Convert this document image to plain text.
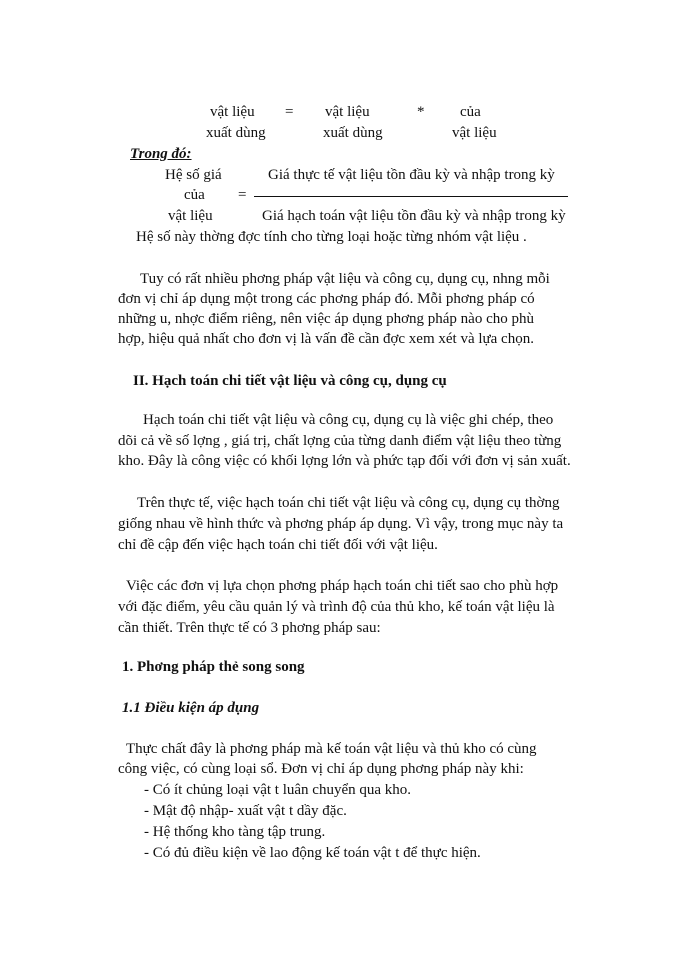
vật liệu = vật liệu	* của
xuất dùng	xuất dùng	vật liệu
Trong đó:
Hệ số giá	Giá thực tế vật liệu tồn đầu kỳ và nhập trong kỳ
của =
vật liệu	Giá hạch toán vật liệu tồn đầu kỳ và nhập trong kỳ
Hệ số này thờng đợc tính cho từng loại hoặc từng nhóm vật liệu .
Tuy có rất nhiều phơng pháp vật liệu và công cụ, dụng cụ, nhng mỗi
đơn vị chỉ áp dụng một trong các phơng pháp đó. Mỗi phơng pháp có
những u, nhợc điểm riêng, nên việc áp dụng phơng pháp nào cho phù
hợp, hiệu quả nhất cho đơn vị là vấn đề cần đợc xem xét và lựa chọn.
II. Hạch toán chi tiết vật liệu và công cụ, dụng cụ
Hạch toán chi tiết vật liệu và công cụ, dụng cụ là việc ghi chép, theo
dõi cả về số lợng , giá trị, chất lợng của từng danh điểm vật liệu theo từng
kho. Đây là công việc có khối lợng lớn và phức tạp đối với đơn vị sản xuất.
Trên thực tế, việc hạch toán chi tiết vật liệu và công cụ, dụng cụ thờng
giống nhau về hình thức và phơng pháp áp dụng. Vì vậy, trong mục này ta
chỉ đề cập đến việc hạch toán chi tiết đối với vật liệu.
Việc các đơn vị lựa chọn phơng pháp hạch toán chi tiết sao cho phù hợp
với đặc điểm, yêu cầu quản lý và trình độ của thủ kho, kế toán vật liệu là
cần thiết. Trên thực tế có 3 phơng pháp sau:
1. Phơng pháp thẻ song song
1.1 Điều kiện áp dụng
Thực chất đây là phơng pháp mà kế toán vật liệu và thủ kho có cùng
công việc, có cùng loại sổ. Đơn vị chỉ áp dụng phơng pháp này khi:
- Có ít chủng loại vật t luân chuyển qua kho.
- Mật độ nhập- xuất vật t dầy đặc.
- Hệ thống kho tàng tập trung.
- Có đủ điều kiện về lao động kế toán vật t để thực hiện.
